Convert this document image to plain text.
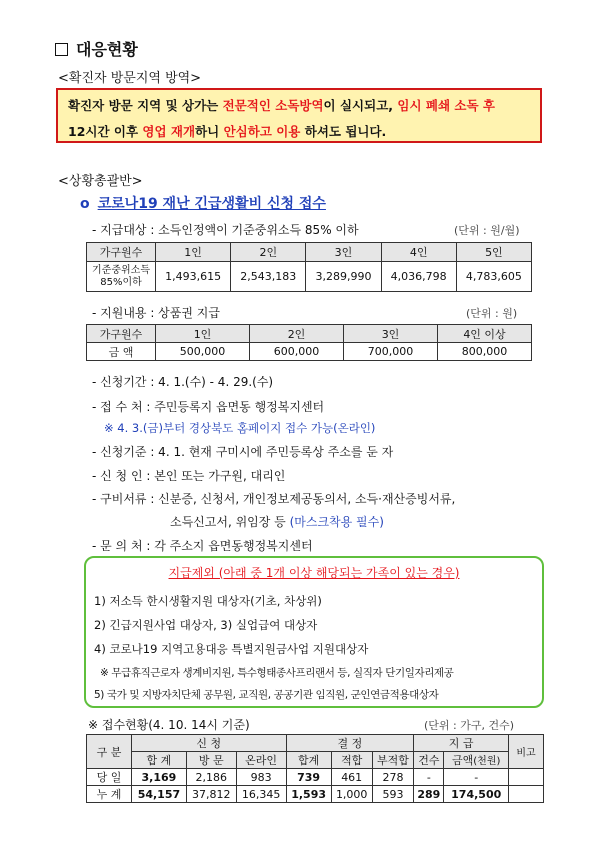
대응현황
<확진자 방문지역 방역>
확진자 방문 지역 및 상가는 전문적인 소독방역이 실시되고, 임시 폐쇄 소독 후
12시간 이후 영업 재개하니 안심하고 이용 하셔도 됩니다.
<상황총괄반>
o 코로나19 재난 긴급생활비 신청 접수
- 지급대상 : 소득인정액이 기준중위소득 85% 이하	(단위 : 원/월)
가구원수	1인	2인	3인	4인	5인

기준중위소득
85%이하	1,493,615	2,543,183	3,289,990	4,036,798	4,783,605
- 지원내용 : 상품권 지급	(단위 : 원)
가구원수	1인	2인	3인	4인 이상
금 액	500,000	600,000	700,000	800,000
- 신청기간 : 4. 1.(수) - 4. 29.(수)
- 접 수 처 : 주민등록지 읍면동 행정복지센터
※ 4. 3.(금)부터 경상북도 홈페이지 접수 가능(온라인)
- 신청기준 : 4. 1. 현재 구미시에 주민등록상 주소를 둔 자
- 신 청 인 : 본인 또는 가구원, 대리인
- 구비서류 : 신분증, 신청서, 개인정보제공동의서, 소득·재산증빙서류,
소득신고서, 위임장 등 (마스크착용 필수)
- 문 의 처 : 각 주소지 읍면동행정복지센터
지급제외 (아래 중 1개 이상 해당되는 가족이 있는 경우)
1) 저소득 한시생활지원 대상자(기초, 차상위)
2) 긴급지원사업 대상자, 3) 실업급여 대상자
4) 코로나19 지역고용대응 특별지원금사업 지원대상자
※ 무급휴직근로자 생계비지원, 특수형태종사프리랜서 등, 실직자 단기일자리제공
5) 국가 및 지방자치단체 공무원, 교직원, 공공기관 임직원, 군인연금적용대상자
※ 접수현황(4. 10. 14시 기준)	(단위 : 가구, 건수)
구 분	신 청			결 정			지 급		비고
	합 계	방 문	온라인	합계	적합	부적합	건수	금액(천원)	
당 일	3,169	2,186	983	739	461	278	-	-	
누 계	54,157	37,812	16,345	1,593	1,000	593	289	174,500	
